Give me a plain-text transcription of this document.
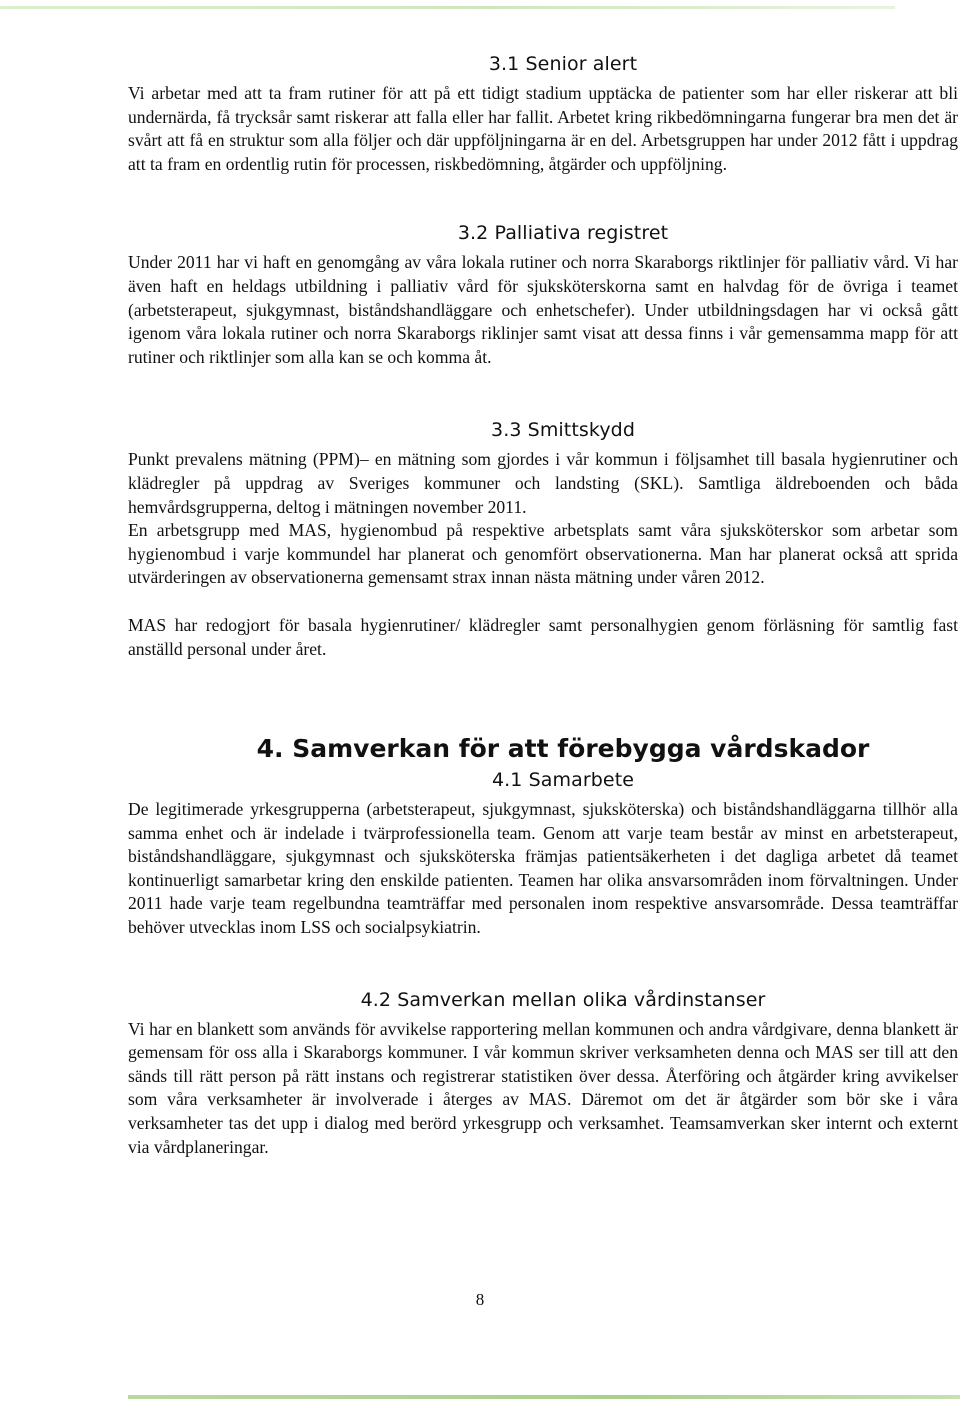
3.1 Senior alert

Vi arbetar med att ta fram rutiner för att på ett tidigt stadium upptäcka de patienter som har eller riskerar att bli undernärda, få trycksår samt riskerar att falla eller har fallit. Arbetet kring rikbedömningarna fungerar bra men det är svårt att få en struktur som alla följer och där uppföljningarna är en del. Arbetsgruppen har under 2012 fått i uppdrag att ta fram en ordentlig rutin för processen, riskbedömning, åtgärder och uppföljning.

3.2 Palliativa registret

Under 2011 har vi haft en genomgång av våra lokala rutiner och norra Skaraborgs riktlinjer för palliativ vård. Vi har även haft en heldags utbildning i palliativ vård för sjuksköterskorna samt en halvdag för de övriga i teamet (arbetsterapeut, sjukgymnast, biståndshandläggare och enhetschefer). Under utbildningsdagen har vi också gått igenom våra lokala rutiner och norra Skaraborgs riklinjer samt visat att dessa finns i vår gemensamma mapp för att rutiner och riktlinjer som alla kan se och komma åt.

3.3 Smittskydd

Punkt prevalens mätning (PPM)– en mätning som gjordes i vår kommun i följsamhet till basala hygienrutiner och klädregler på uppdrag av Sveriges kommuner och landsting (SKL). Samtliga äldreboenden och båda hemvårdsgrupperna, deltog i mätningen november 2011.

En arbetsgrupp med MAS, hygienombud på respektive arbetsplats samt våra sjuksköterskor som arbetar som hygienombud i varje kommundel har planerat och genomfört observationerna. Man har planerat också att sprida utvärderingen av observationerna gemensamt strax innan nästa mätning under våren 2012.

MAS har redogjort för basala hygienrutiner/ klädregler samt personalhygien genom förläsning för samtlig fast anställd personal under året.

4. Samverkan för att förebygga vårdskador
4.1 Samarbete

De legitimerade yrkesgrupperna (arbetsterapeut, sjukgymnast, sjuksköterska) och biståndshandläggarna tillhör alla samma enhet och är indelade i tvärprofessionella team. Genom att varje team består av minst en arbetsterapeut, biståndshandläggare, sjukgymnast och sjuksköterska främjas patientsäkerheten i det dagliga arbetet då teamet kontinuerligt samarbetar kring den enskilde patienten. Teamen har olika ansvarsområden inom förvaltningen. Under 2011 hade varje team regelbundna teamträffar med personalen inom respektive ansvarsområde. Dessa teamträffar behöver utvecklas inom LSS och socialpsykiatrin.

4.2 Samverkan mellan olika vårdinstanser

Vi har en blankett som används för avvikelse rapportering mellan kommunen och andra vårdgivare, denna blankett är gemensam för oss alla i Skaraborgs kommuner. I vår kommun skriver verksamheten denna och MAS ser till att den sänds till rätt person på rätt instans och registrerar statistiken över dessa. Återföring och åtgärder kring avvikelser som våra verksamheter är involverade i återges av MAS. Däremot om det är åtgärder som bör ske i våra verksamheter tas det upp i dialog med berörd yrkesgrupp och verksamhet. Teamsamverkan sker internt och externt via vårdplaneringar.

8
